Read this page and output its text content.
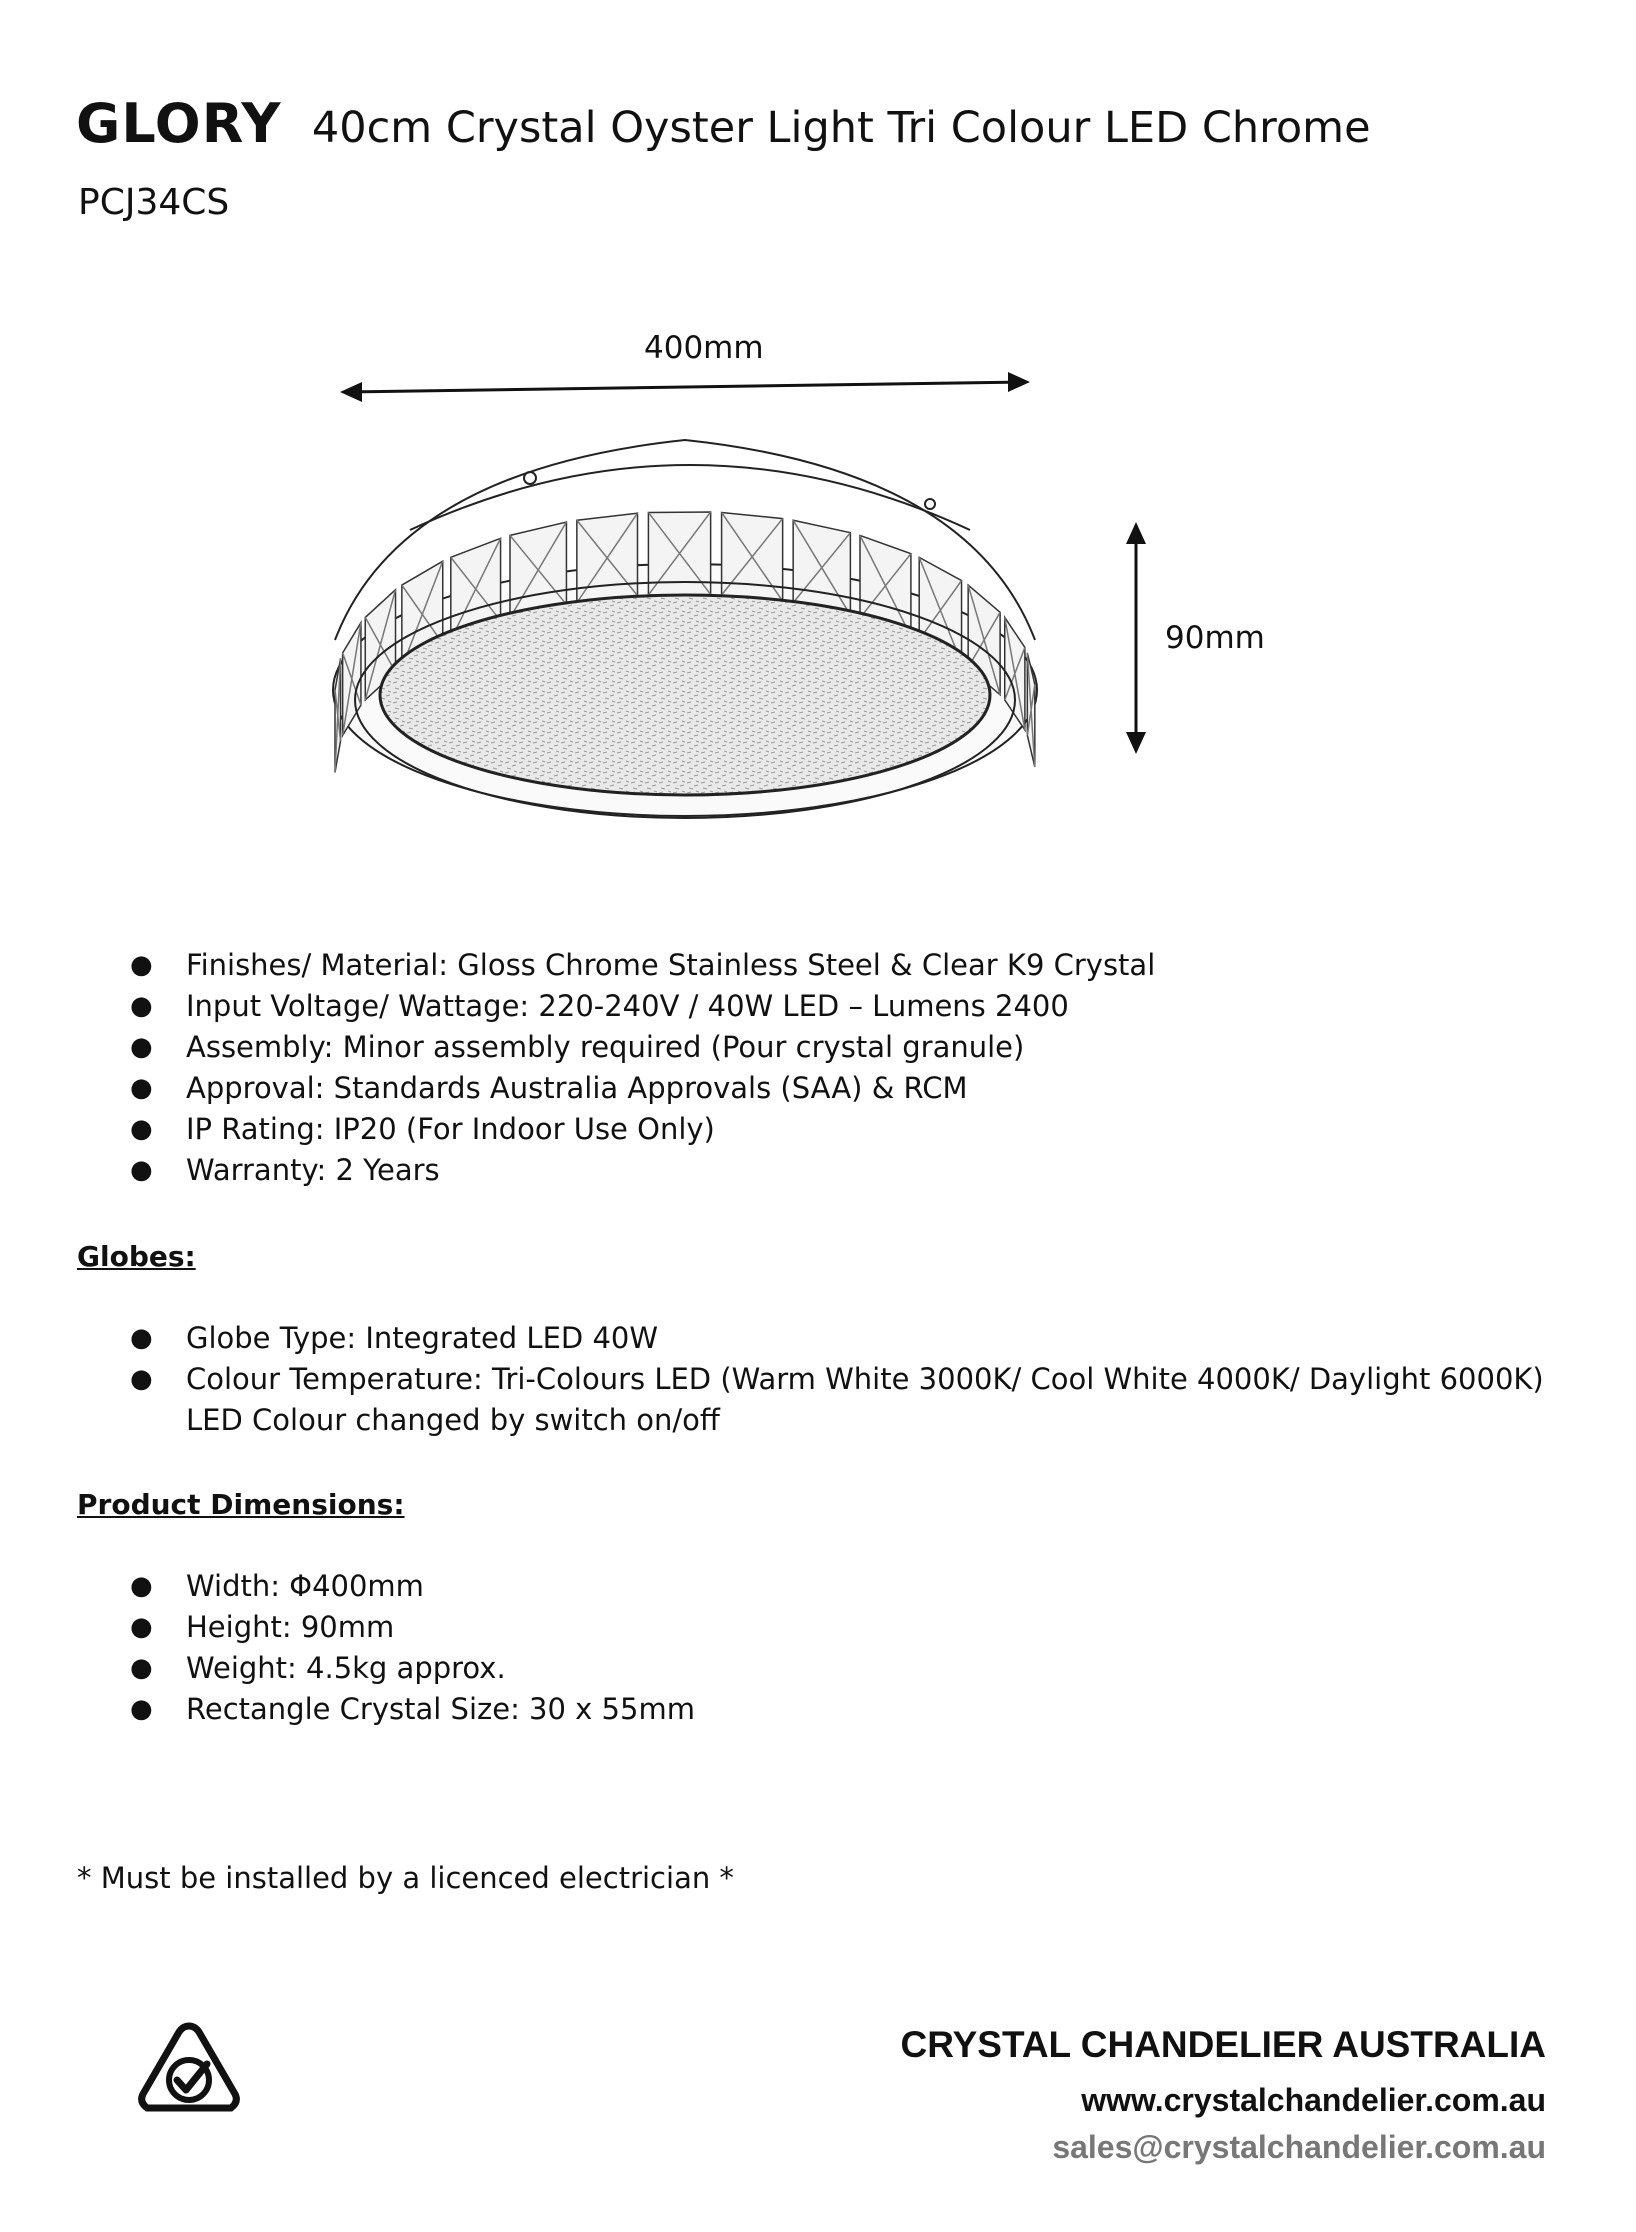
GLORY 40cm Crystal Oyster Light Tri Colour LED Chrome
PCJ34CS
400mm
90mm
● Finishes/ Material: Gloss Chrome Stainless Steel & Clear K9 Crystal
● Input Voltage/ Wattage: 220-240V / 40W LED – Lumens 2400
● Assembly: Minor assembly required (Pour crystal granule)
● Approval: Standards Australia Approvals (SAA) & RCM
● IP Rating: IP20 (For Indoor Use Only)
● Warranty: 2 Years
Globes:
● Globe Type: Integrated LED 40W
● Colour Temperature: Tri-Colours LED (Warm White 3000K/ Cool White 4000K/ Daylight 6000K)
LED Colour changed by switch on/off
Product Dimensions:
● Width: Φ400mm
● Height: 90mm
● Weight: 4.5kg approx.
● Rectangle Crystal Size: 30 x 55mm
* Must be installed by a licenced electrician *
CRYSTAL CHANDELIER AUSTRALIA
www.crystalchandelier.com.au
sales@crystalchandelier.com.au
